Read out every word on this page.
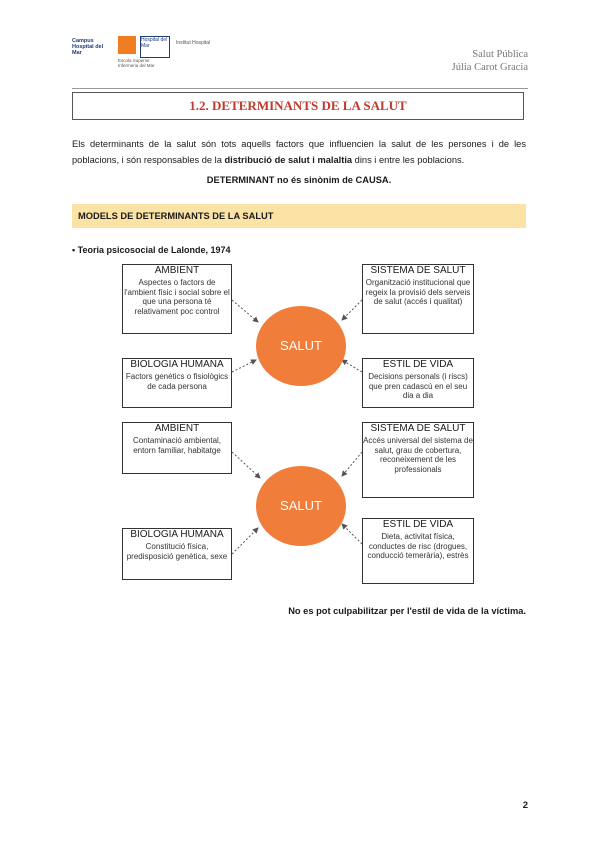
Campus Hospital del Mar
Hospital del Mar	Institut Hospital
Escola Superior Infermeria del Mar
Salut Pública
Júlia Carot Gracia
1.2. DETERMINANTS DE LA SALUT
Els determinants de la salut són tots aquells factors que influencien la salut de les persones i de les poblacions, i són responsables de la distribució de salut i malaltia dins i entre les poblacions.
DETERMINANT no és sinònim de CAUSA.
MODELS DE DETERMINANTS DE LA SALUT
• Teoria psicosocial de Lalonde, 1974
SALUT
AMBIENT
Aspectes o factors de l'ambient físic i social sobre el que una persona té relativament poc control
SISTEMA DE SALUT
Organització institucional que regeix la provisió dels serveis de salut (accés i qualitat)
BIOLOGIA HUMANA
Factors genètics o fisiològics de cada persona
ESTIL DE VIDA
Decisions personals (i riscs) que pren cadascú en el seu dia a dia
SALUT
AMBIENT
Contaminació ambiental, entorn familiar, habitatge
SISTEMA DE SALUT
Accés universal del sistema de salut, grau de cobertura, reconeixement de les professionals
BIOLOGIA HUMANA
Constitució física, predisposició genètica, sexe
ESTIL DE VIDA
Dieta, activitat física, conductes de risc (drogues, conducció temerària), estrès
No es pot culpabilitzar per l'estil de vida de la víctima.
2
